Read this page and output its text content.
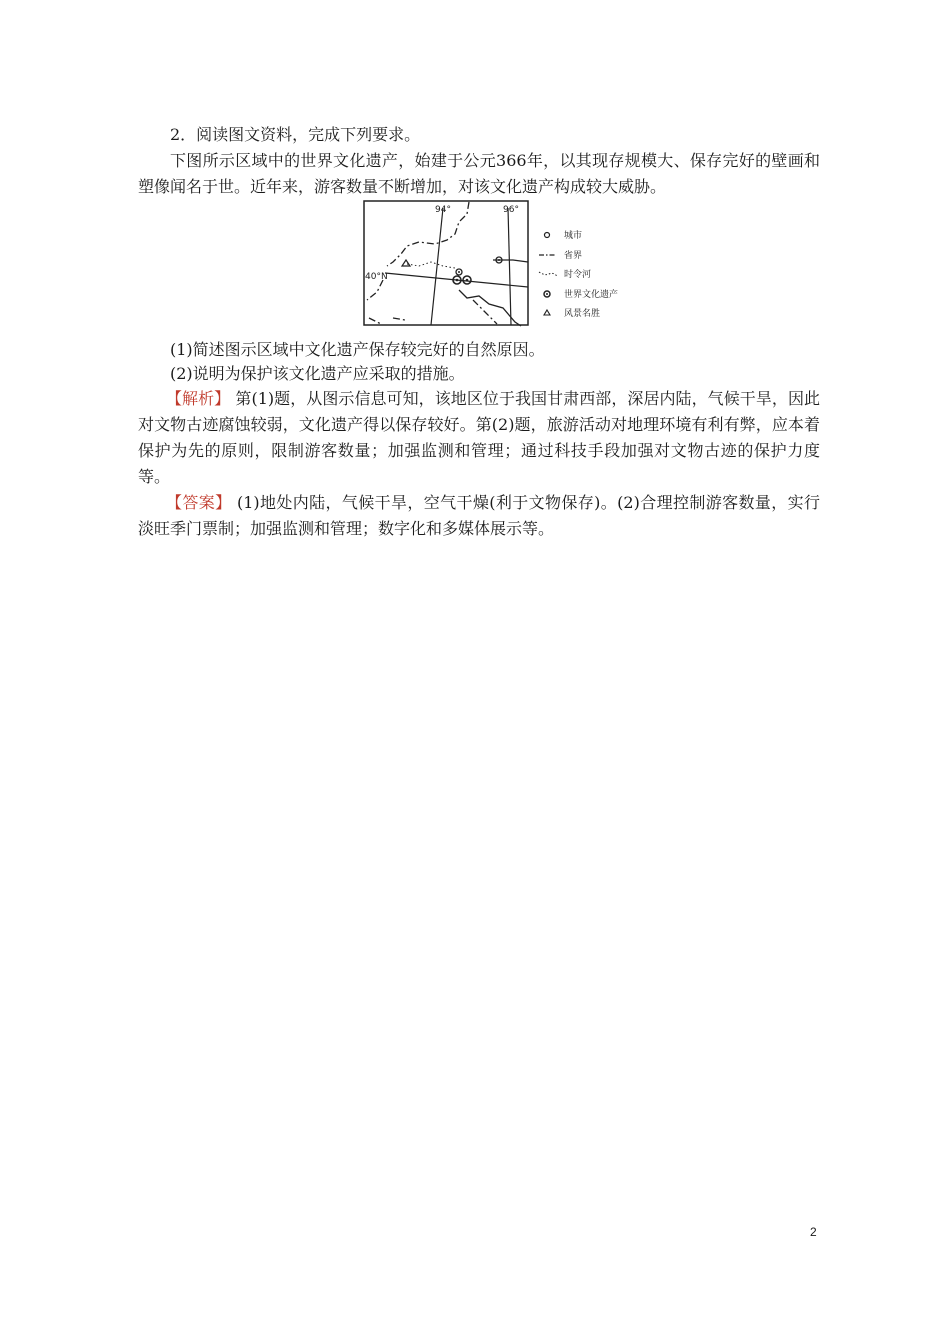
2．阅读图文资料，完成下列要求。

下图所示区域中的世界文化遗产，始建于公元366年，以其现存规模大、保存完好的壁画和塑像闻名于世。近年来，游客数量不断增加，对该文化遗产构成较大威胁。

94°	96°
40°N
城市
省界
时令河
世界文化遗产
风景名胜

(1)简述图示区域中文化遗产保存较完好的自然原因。

(2)说明为保护该文化遗产应采取的措施。

【解析】 第(1)题，从图示信息可知，该地区位于我国甘肃西部，深居内陆，气候干旱，因此对文物古迹腐蚀较弱，文化遗产得以保存较好。第(2)题，旅游活动对地理环境有利有弊，应本着保护为先的原则，限制游客数量；加强监测和管理；通过科技手段加强对文物古迹的保护力度等。

【答案】 (1)地处内陆，气候干旱，空气干燥(利于文物保存)。(2)合理控制游客数量，实行淡旺季门票制；加强监测和管理；数字化和多媒体展示等。

2
